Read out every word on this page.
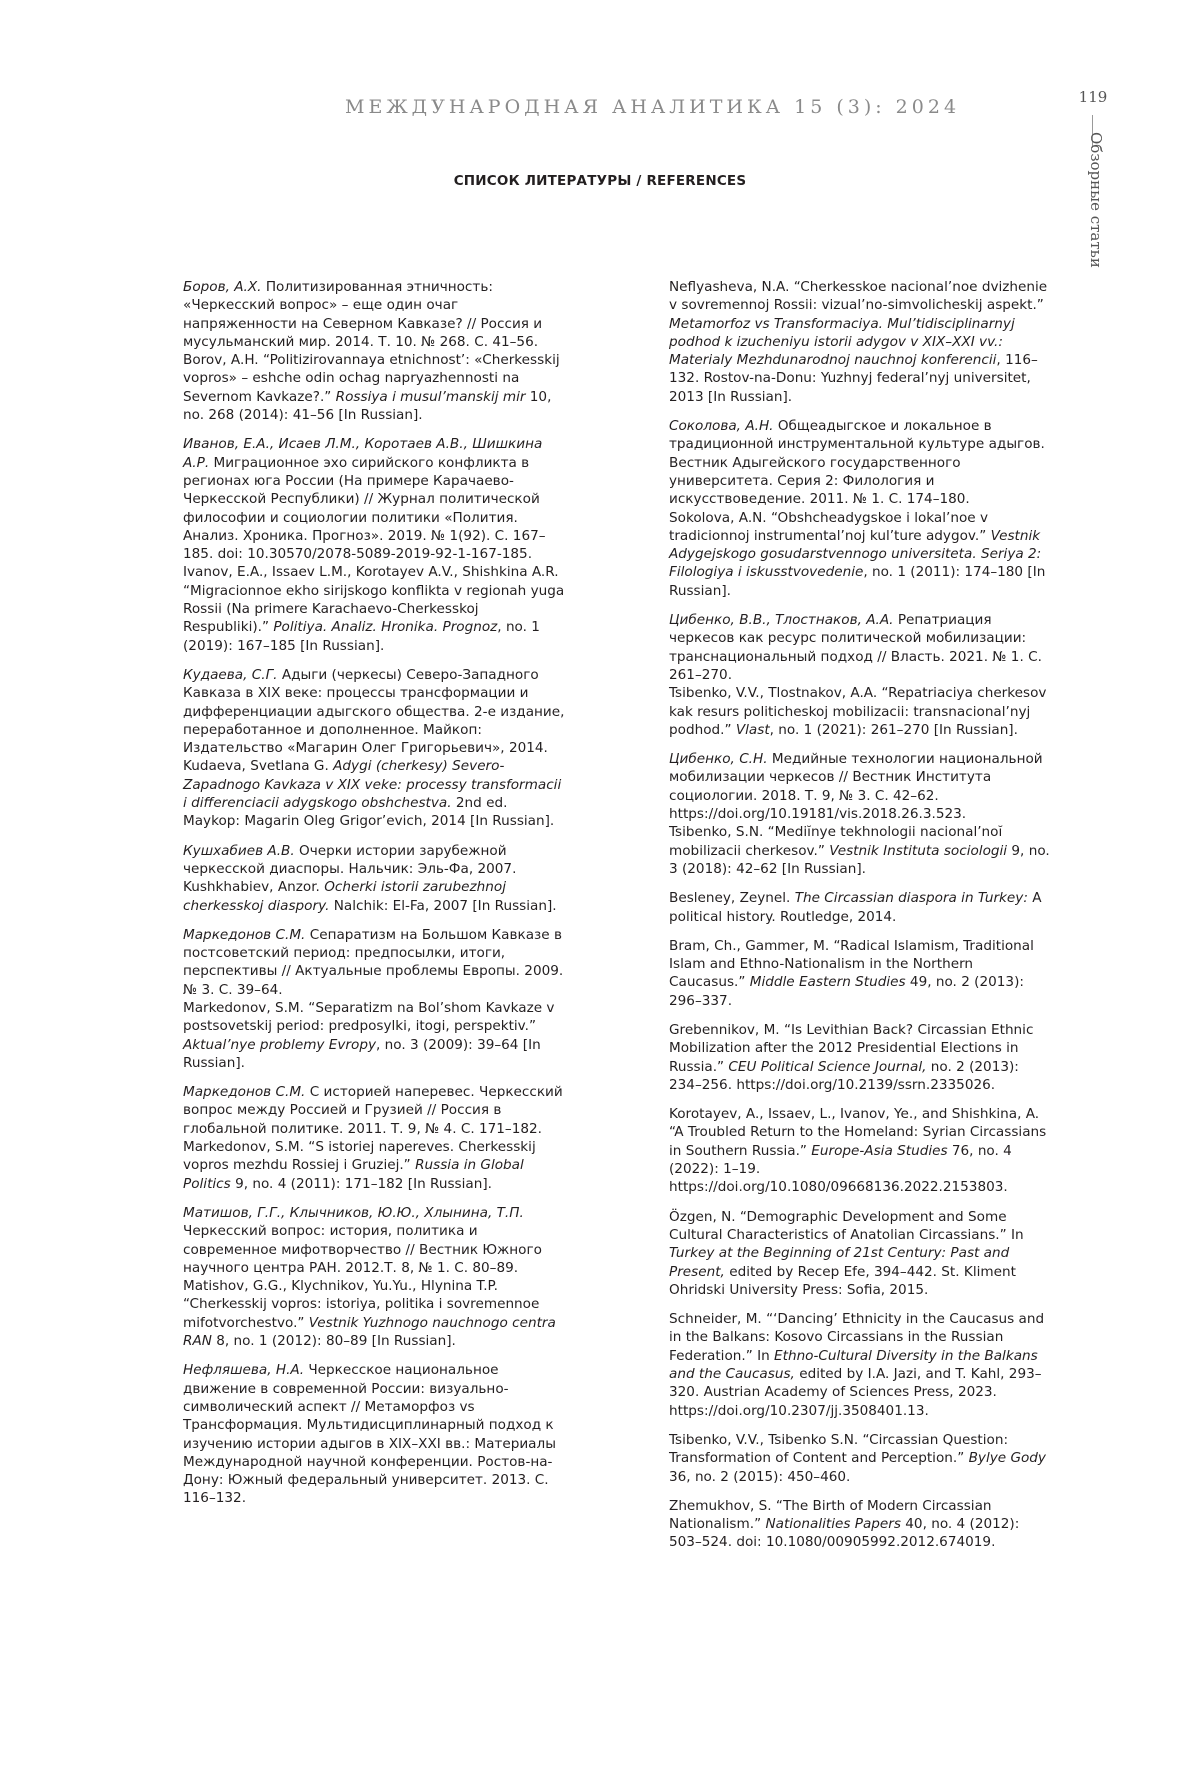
МЕЖДУНАРОДНАЯ АНАЛИТИКА 15 (3): 2024	119
Обзорные статьи
СПИСОК ЛИТЕРАТУРЫ / REFERENCES
Боров, А.Х. Политизированная этничность: «Черкесский вопрос» – еще один очаг напряженности на Северном Кавказе? // Россия и мусульманский мир. 2014. Т. 10. № 268. С. 41–56.
Borov, A.H. “Politizirovannaya etnichnost’: «Cherkesskij vopros» – eshche odin ochag napryazhennosti na Severnom Kavkaze?.” Rossiya i musul’manskij mir 10, no. 268 (2014): 41–56 [In Russian].
Иванов, Е.А., Исаев Л.М., Коротаев А.В., Шишкина А.Р. Миграционное эхо сирийского конфликта в регионах юга России (На примере Карачаево-Черкесской Республики) // Журнал политической философии и социологии политики «Полития. Анализ. Хроника. Прогноз». 2019. № 1(92). С. 167–185. doi: 10.30570/2078-5089-2019-92-1-167-185.
Ivanov, E.A., Issaev L.M., Korotayev A.V., Shishkina A.R. “Migracionnoe ekho sirijskogo konflikta v regionah yuga Rossii (Na primere Karachaevo-Cherkesskoj Respubliki).” Politiya. Analiz. Hronika. Prognoz, no. 1 (2019): 167–185 [In Russian].
Кудаева, С.Г. Адыги (черкесы) Северо-Западного Кавказа в XIX веке: процессы трансформации и дифференциации адыгского общества. 2-е издание, переработанное и дополненное. Майкоп: Издательство «Магарин Олег Григорьевич», 2014.
Kudaeva, Svetlana G. Adygi (cherkesy) Severo-Zapadnogo Kavkaza v XIX veke: processy transformacii i differenciacii adygskogo obshchestva. 2nd ed. Maykop: Magarin Oleg Grigor’evich, 2014 [In Russian].
Кушхабиев А.В. Очерки истории зарубежной черкесской диаспоры. Нальчик: Эль-Фа, 2007.
Kushkhabiev, Anzor. Ocherki istorii zarubezhnoj cherkesskoj diaspory. Nalchik: El-Fa, 2007 [In Russian].
Маркедонов С.М. Сепаратизм на Большом Кавказе в постсоветский период: предпосылки, итоги, перспективы // Актуальные проблемы Европы. 2009. № 3. С. 39–64.
Markedonov, S.M. “Separatizm na Bol’shom Kavkaze v postsovetskij period: predposylki, itogi, perspektiv.” Aktual’nye problemy Evropy, no. 3 (2009): 39–64 [In Russian].
Маркедонов С.М. С историей наперевес. Черкесский вопрос между Россией и Грузией // Россия в глобальной политике. 2011. Т. 9, № 4. С. 171–182.
Markedonov, S.M. “S istoriej napereves. Cherkesskij vopros mezhdu Rossiej i Gruziej.” Russia in Global Politics 9, no. 4 (2011): 171–182 [In Russian].
Матишов, Г.Г., Клычников, Ю.Ю., Хлынина, Т.П. Черкесский вопрос: история, политика и современное мифотворчество // Вестник Южного научного центра РАН. 2012.Т. 8, № 1. С. 80–89.
Matishov, G.G., Klychnikov, Yu.Yu., Hlynina T.P. “Cherkesskij vopros: istoriya, politika i sovremennoe mifotvorchestvo.” Vestnik Yuzhnogo nauchnogo centra RAN 8, no. 1 (2012): 80–89 [In Russian].
Нефляшева, Н.А. Черкесское национальное движение в современной России: визуально-символический аспект // Метаморфоз vs Трансформация. Мультидисциплинарный подход к изучению истории адыгов в XIX–XXI вв.: Материалы Международной научной конференции. Ростов-на-Дону: Южный федеральный университет. 2013. С. 116–132.
Neflyasheva, N.A. “Cherkesskoe nacional’noe dvizhenie v sovremennoj Rossii: vizual’no-simvolicheskij aspekt.” Metamorfoz vs Transformaciya. Mul’tidisciplinarnyj podhod k izucheniyu istorii adygov v XIX–XXI vv.: Materialy Mezhdunarodnoj nauchnoj konferencii, 116–132. Rostov-na-Donu: Yuzhnyj federal’nyj universitet, 2013 [In Russian].
Соколова, А.Н. Общеадыгское и локальное в традиционной инструментальной культуре адыгов. Вестник Адыгейского государственного университета. Серия 2: Филология и искусствоведение. 2011. № 1. С. 174–180.
Sokolova, A.N. “Obshcheadygskoe i lokal’noe v tradicionnoj instrumental’noj kul’ture adygov.” Vestnik Adygejskogo gosudarstvennogo universiteta. Seriya 2: Filologiya i iskusstvovedenie, no. 1 (2011): 174–180 [In Russian].
Цибенко, В.В., Тлостнаков, А.А. Репатриация черкесов как ресурс политической мобилизации: транснациональный подход // Власть. 2021. № 1. С. 261–270.
Tsibenko, V.V., Tlostnakov, A.A. “Repatriaciya cherkesov kak resurs politicheskoj mobilizacii: transnacional’nyj podhod.” Vlast, no. 1 (2021): 261–270 [In Russian].
Цибенко, С.Н. Медийные технологии национальной мобилизации черкесов // Вестник Института социологии. 2018. Т. 9, № 3. С. 42–62. https://doi.org/10.19181/vis.2018.26.3.523.
Tsibenko, S.N. “Mediĭnye tekhnologii nacional’noĭ mobilizacii cherkesov.” Vestnik Instituta sociologii 9, no. 3 (2018): 42–62 [In Russian].
Besleney, Zeynel. The Circassian diaspora in Turkey: A political history. Routledge, 2014.
Bram, Ch., Gammer, M. “Radical Islamism, Traditional Islam and Ethno-Nationalism in the Northern Caucasus.” Middle Eastern Studies 49, no. 2 (2013): 296–337.
Grebennikov, M. “Is Levithian Back? Circassian Ethnic Mobilization after the 2012 Presidential Elections in Russia.” CEU Political Science Journal, no. 2 (2013): 234–256. https://doi.org/10.2139/ssrn.2335026.
Korotayev, A., Issaev, L., Ivanov, Ye., and Shishkina, A. “A Troubled Return to the Homeland: Syrian Circassians in Southern Russia.” Europe-Asia Studies 76, no. 4 (2022): 1–19. https://doi.org/10.1080/09668136.2022.2153803.
Özgen, N. “Demographic Development and Some Cultural Characteristics of Anatolian Circassians.” In Turkey at the Beginning of 21st Century: Past and Present, edited by Recep Efe, 394–442. St. Kliment Ohridski University Press: Sofia, 2015.
Schneider, M. “‘Dancing’ Ethnicity in the Caucasus and in the Balkans: Kosovo Circassians in the Russian Federation.” In Ethno-Cultural Diversity in the Balkans and the Caucasus, edited by I.A. Jazi, and T. Kahl, 293–320. Austrian Academy of Sciences Press, 2023. https://doi.org/10.2307/jj.3508401.13.
Tsibenko, V.V., Tsibenko S.N. “Circassian Question: Transformation of Content and Perception.” Bylye Gody 36, no. 2 (2015): 450–460.
Zhemukhov, S. “The Birth of Modern Circassian Nationalism.” Nationalities Papers 40, no. 4 (2012): 503–524. doi: 10.1080/00905992.2012.674019.
